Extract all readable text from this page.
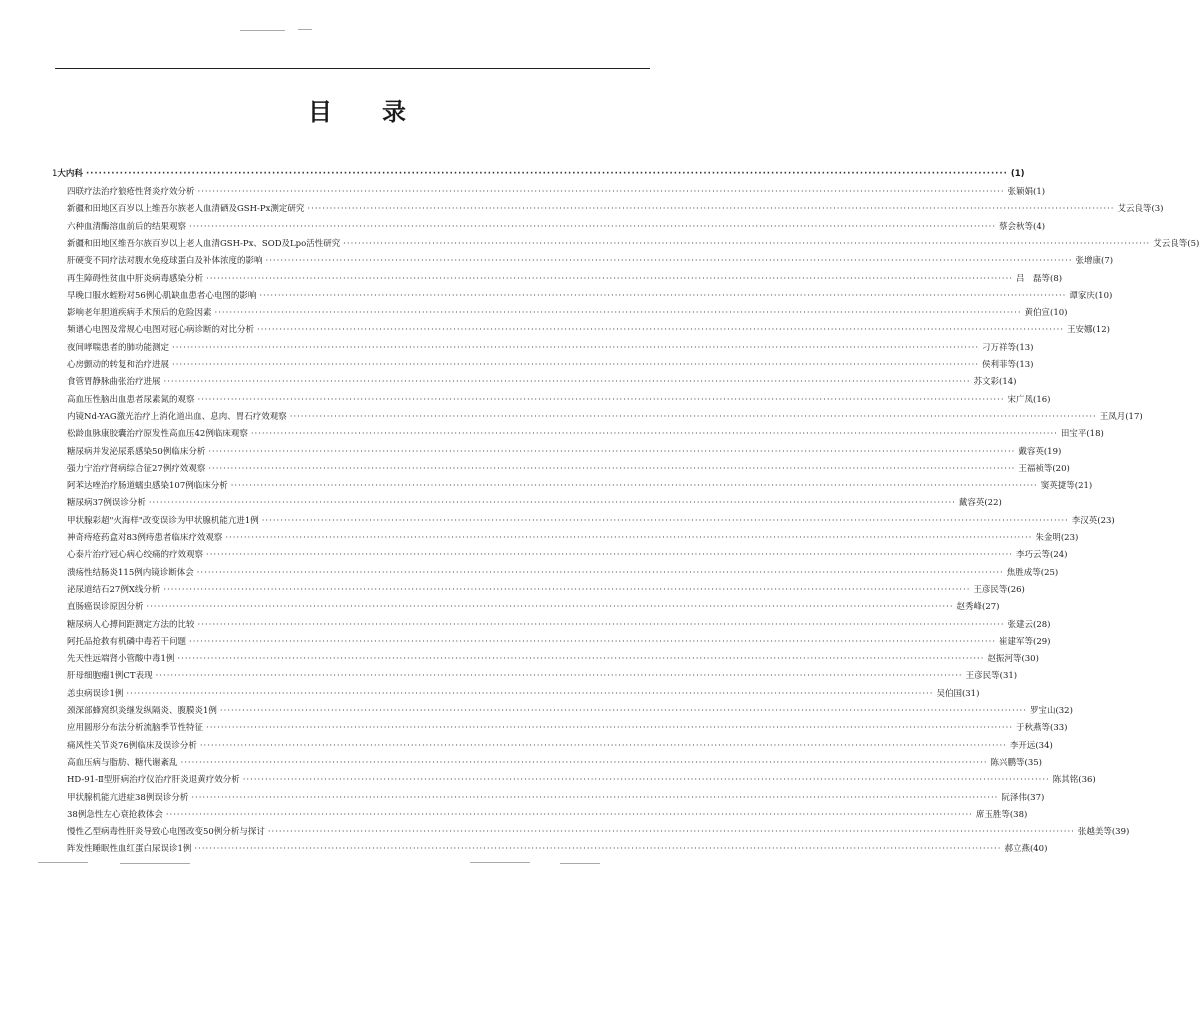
目录
1 大内科 ·····	(1)
四联疗法治疗狼疮性肾炎疗效分析 ·····	张颖娟 (1)
新疆和田地区百岁以上维吾尔族老人血清硒及GSH-Px测定研究 ·····	艾云良等 (3)
六种血清酶溶血前后的结果观察 ·····	蔡会秋等 (4)
新疆和田地区维吾尔族百岁以上老人血清GSH-Px、SOD及Lpo活性研究 ·····	艾云良等 (5)
肝硬变不同疗法对腹水免疫球蛋白及补体浓度的影响 ·····	张增康 (7)
再生障碍性贫血中肝炎病毒感染分析 ·····	吕　磊等 (8)
早晚口服水蛭粉对56例心肌缺血患者心电图的影响 ·····	谭家庆 (10)
影响老年胆道疾病手术预后的危险因素 ·····	黄伯宣 (10)
频谱心电图及常规心电图对冠心病诊断的对比分析 ·····	王安娜 (12)
夜间哮喘患者的肺功能测定 ·····	刁万祥等 (13)
心房颤动的转复和治疗进展 ·····	侯利菲等 (13)
食管胃静脉曲张治疗进展 ·····	苏文彩 (14)
高血压性脑出血患者尿素氮的观察 ·····	宋广凤 (16)
内镜Nd-YAG激光治疗上消化道出血、息肉、胃石疗效观察 ·····	王凤月 (17)
松龄血脉康胶囊治疗原发性高血压42例临床观察 ·····	田宝平 (18)
糖尿病并发泌尿系感染50例临床分析 ·····	戴容英 (19)
强力宁治疗肾病综合征27例疗效观察 ·····	王福祯等 (20)
阿苯达唑治疗肠道蠕虫感染107例临床分析 ·····	窦英捷等 (21)
糖尿病37例误诊分析 ·····	戴容英 (22)
甲状腺彩超"火海样"改变误诊为甲状腺机能亢进1例 ·····	李汉英 (23)
神奇痔疮药盒对83例痔患者临床疗效观察 ·····	朱金明 (23)
心泰片治疗冠心病心绞痛的疗效观察 ·····	李巧云等 (24)
溃疡性结肠炎115例内镜诊断体会 ·····	焦胜成等 (25)
泌尿道结石27例X线分析 ·····	王彦民等 (26)
直肠癌误诊原因分析 ·····	赵秀峰 (27)
糖尿病人心搏间距测定方法的比较 ·····	张建云 (28)
阿托品抢救有机磷中毒若干问题 ·····	崔建军等 (29)
先天性远端肾小管酸中毒1例 ·····	赵振河等 (30)
肝母细胞瘤1例CT表现 ·····	王彦民等 (31)
恙虫病误诊1例 ·····	吴伯国 (31)
颈深部蜂窝织炎继发纵隔炎、腹膜炎1例 ·····	罗宝山 (32)
应用圆形分布法分析流脑季节性特征 ·····	于秋燕等 (33)
痛风性关节炎76例临床及误诊分析 ·····	李开远 (34)
高血压病与脂肪、糖代谢紊乱 ·····	陈兴鹏等 (35)
HD-91-Ⅱ型肝病治疗仪治疗肝炎退黄疗效分析 ·····	陈其铭 (36)
甲状腺机能亢进症38例误诊分析 ·····	阮泽伟 (37)
38例急性左心衰抢救体会 ·····	席玉胜等 (38)
慢性乙型病毒性肝炎导致心电图改变50例分析与探讨 ·····	张越美等 (39)
阵发性睡眠性血红蛋白尿误诊1例 ·····	郝立燕 (40)
